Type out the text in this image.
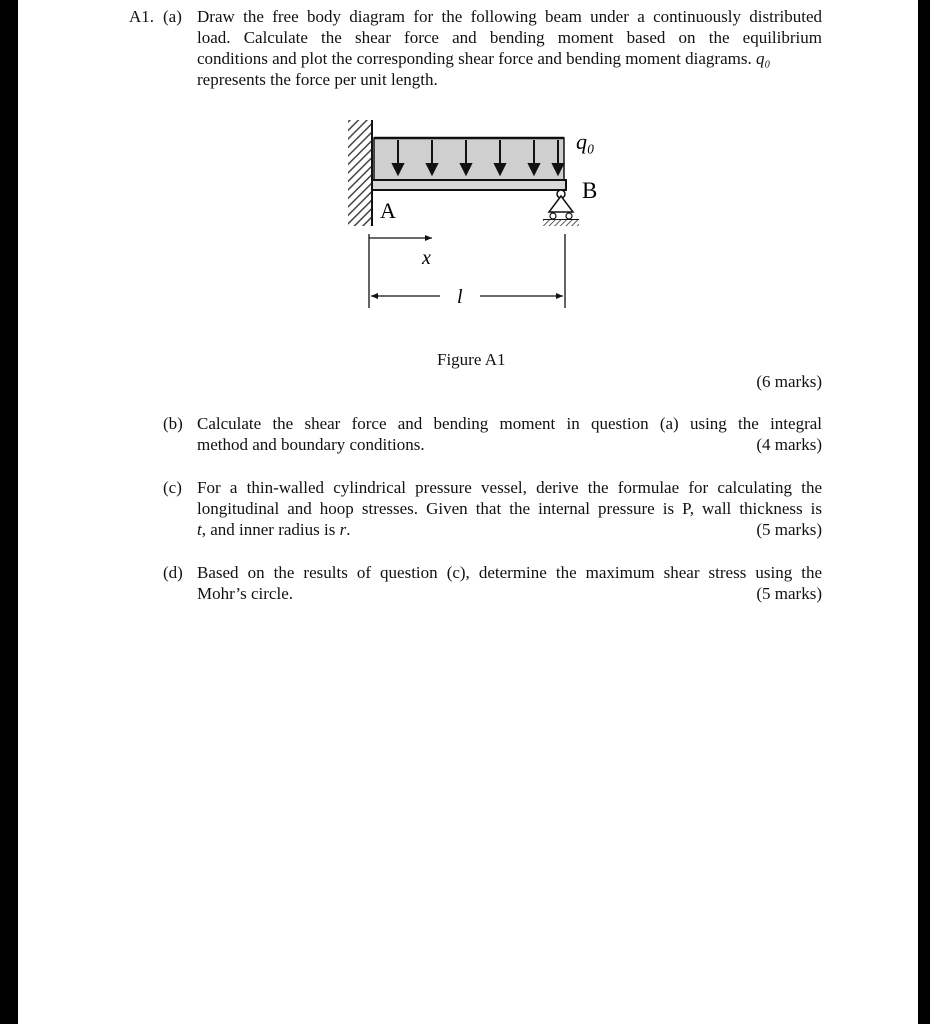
A1. (a) Draw the free body diagram for the following beam under a continuously distributed
load. Calculate the shear force and bending moment based on the equilibrium
conditions and plot the corresponding shear force and bending moment diagrams. q₀
represents the force per unit length.
q₀
B
A
x
l
Figure A1
(6 marks)
(b) Calculate the shear force and bending moment in question (a) using the integral
method and boundary conditions.	(4 marks)
(c) For a thin-walled cylindrical pressure vessel, derive the formulae for calculating the
longitudinal and hoop stresses. Given that the internal pressure is P, wall thickness is
t, and inner radius is r.	(5 marks)
(d) Based on the results of question (c), determine the maximum shear stress using the
Mohr’s circle.	(5 marks)
